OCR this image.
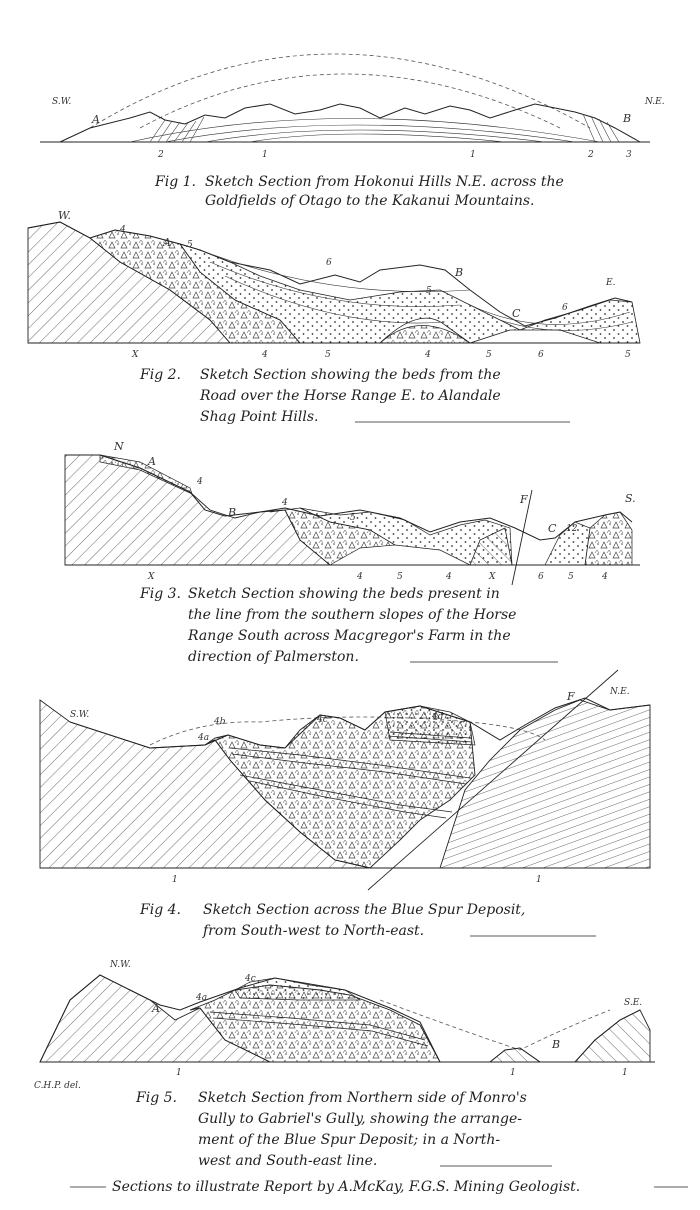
S.W.	N.E.
A	B
2	1	1	2	3
Fig 1. Sketch Section from Hokonui Hills N.E. across the
Goldfields of Otago to the Kakanui Mountains.
W.
4
A 5
6
B
5
C	6
E.
X	4	5	4	5	6	5
Fig 2. Sketch Section showing the beds from the
Road over the Horse Range E. to Alandale
Shag Point Hills.
N
A
4
B
4
5
F
C 12
S.
X	4	5	4	X	6	5	4
Fig 3. Sketch Section showing the beds present in
the line from the southern slopes of the Horse
Range South across Macgregor's Farm in the
direction of Palmerston.
S.W.
N.E.
F
4a
4b	4c	4d
1	1
Fig 4. Sketch Section across the Blue Spur Deposit,
from South-west to North-east.
N.W.
S.E.
A
4a
4c
B
1	1	1
C.H.P. del.
Fig 5. Sketch Section from Northern side of Monro's
Gully to Gabriel's Gully, showing the arrange-
ment of the Blue Spur Deposit; in a North-
west and South-east line.
Sections to illustrate Report by A.McKay, F.G.S. Mining Geologist.
